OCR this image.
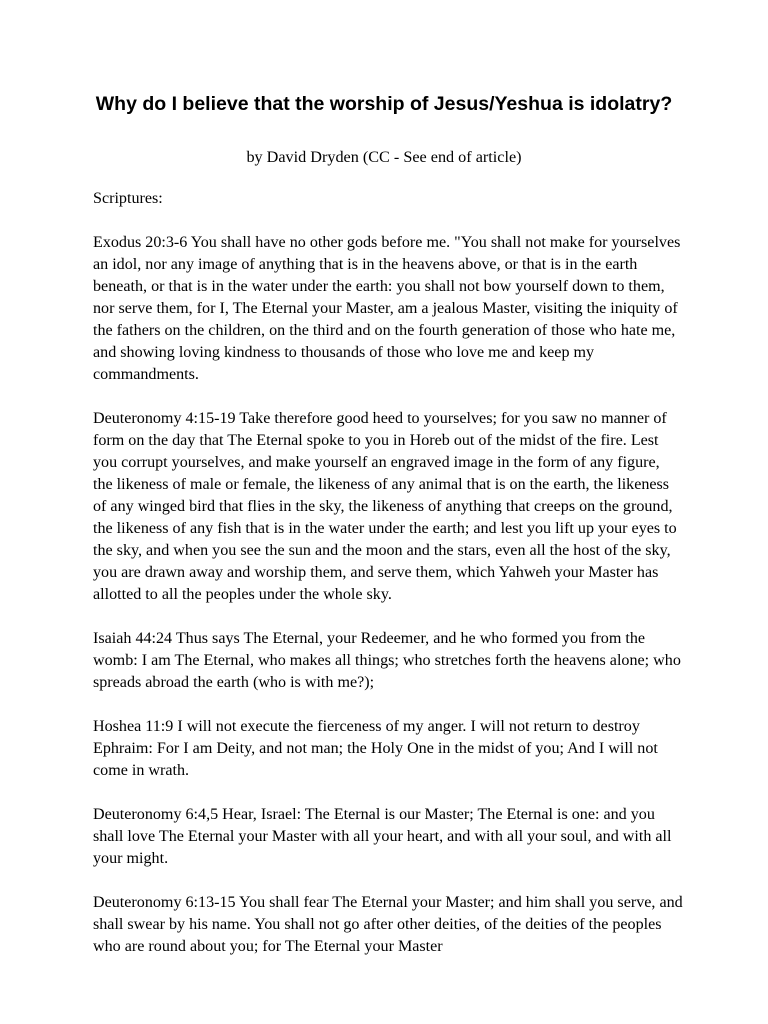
Why do I believe that the worship of Jesus/Yeshua is idolatry?
by David Dryden (CC - See end of article)

Scriptures:

Exodus 20:3-6 You shall have no other gods before me. "You shall not make for yourselves an idol, nor any image of anything that is in the heavens above, or that is in the earth beneath, or that is in the water under the earth: you shall not bow yourself down to them, nor serve them, for I, The Eternal your Master, am a jealous Master, visiting the iniquity of the fathers on the children, on the third and on the fourth generation of those who hate me, and showing loving kindness to thousands of those who love me and keep my commandments.

Deuteronomy 4:15-19 Take therefore good heed to yourselves; for you saw no manner of form on the day that The Eternal spoke to you in Horeb out of the midst of the fire. Lest you corrupt yourselves, and make yourself an engraved image in the form of any figure, the likeness of male or female, the likeness of any animal that is on the earth, the likeness of any winged bird that flies in the sky, the likeness of anything that creeps on the ground, the likeness of any fish that is in the water under the earth; and lest you lift up your eyes to the sky, and when you see the sun and the moon and the stars, even all the host of the sky, you are drawn away and worship them, and serve them, which Yahweh your Master has allotted to all the peoples under the whole sky.

Isaiah 44:24 Thus says The Eternal, your Redeemer, and he who formed you from the womb: I am The Eternal, who makes all things; who stretches forth the heavens alone; who spreads abroad the earth (who is with me?);

Hoshea 11:9 I will not execute the fierceness of my anger. I will not return to destroy Ephraim: For I am Deity, and not man; the Holy One in the midst of you; And I will not come in wrath.

Deuteronomy 6:4,5 Hear, Israel: The Eternal is our Master; The Eternal is one: and you shall love The Eternal your Master with all your heart, and with all your soul, and with all your might.

Deuteronomy 6:13-15 You shall fear The Eternal your Master; and him shall you serve, and shall swear by his name. You shall not go after other deities, of the deities of the peoples who are round about you; for The Eternal your Master
